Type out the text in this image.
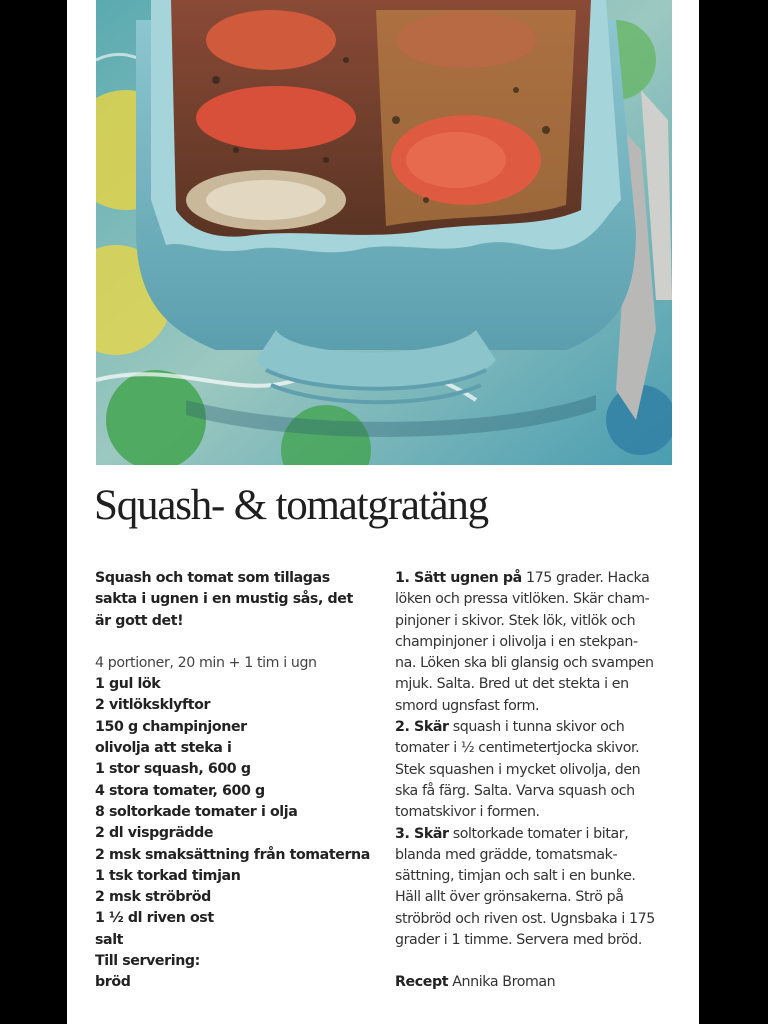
Squash- & tomatgratäng
Squash och tomat som tillagas
sakta i ugnen i en mustig sås, det
är gott det!
4 portioner, 20 min + 1 tim i ugn
1 gul lök
2 vitlöksklyftor
150 g champinjoner
olivolja att steka i
1 stor squash, 600 g
4 stora tomater, 600 g
8 soltorkade tomater i olja
2 dl vispgrädde
2 msk smaksättning från tomaterna
1 tsk torkad timjan
2 msk ströbröd
1 ½ dl riven ost
salt
Till servering:
bröd
1. Sätt ugnen på 175 grader. Hacka
löken och pressa vitlöken. Skär cham-
pinjoner i skivor. Stek lök, vitlök och
champinjoner i olivolja i en stekpan-
na. Löken ska bli glansig och svampen
mjuk. Salta. Bred ut det stekta i en
smord ugnsfast form.
2. Skär squash i tunna skivor och
tomater i ½ centimetertjocka skivor.
Stek squashen i mycket olivolja, den
ska få färg. Salta. Varva squash och
tomatskivor i formen.
3. Skär soltorkade tomater i bitar,
blanda med grädde, tomatsmak-
sättning, timjan och salt i en bunke.
Häll allt över grönsakerna. Strö på
ströbröd och riven ost. Ugnsbaka i 175
grader i 1 timme. Servera med bröd.
Recept Annika Broman
